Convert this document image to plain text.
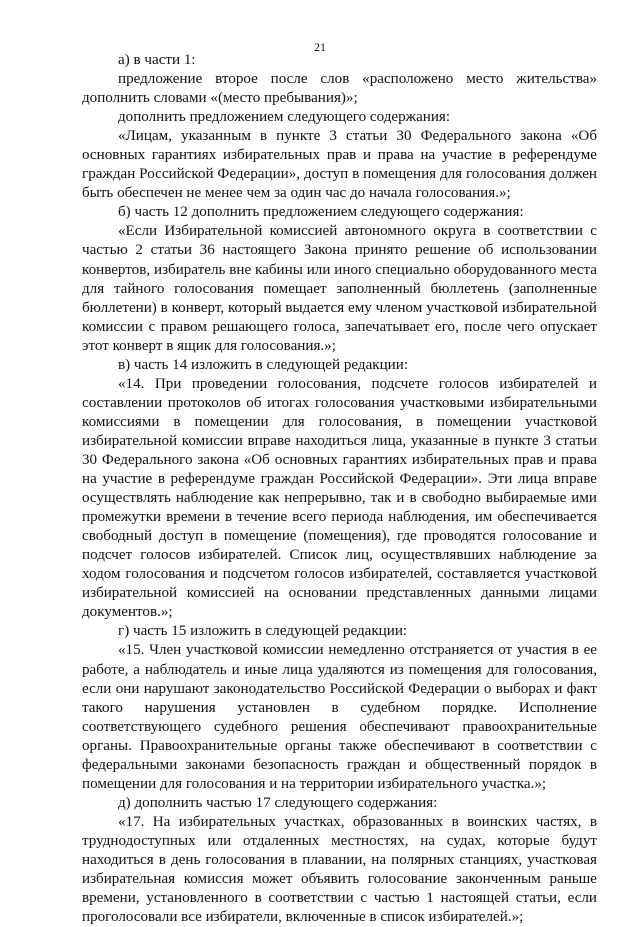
21

а) в части 1:

предложение второе после слов «расположено место жительства» дополнить словами «(место пребывания)»;

дополнить предложением следующего содержания:

«Лицам, указанным в пункте 3 статьи 30 Федерального закона «Об основных гарантиях избирательных прав и права на участие в референдуме граждан Российской Федерации», доступ в помещения для голосования должен быть обеспечен не менее чем за один час до начала голосования.»;

б) часть 12 дополнить предложением следующего содержания:

«Если Избирательной комиссией автономного округа в соответствии с частью 2 статьи 36 настоящего Закона принято решение об использовании конвертов, избиратель вне кабины или иного специально оборудованного места для тайного голосования помещает заполненный бюллетень (заполненные бюллетени) в конверт, который выдается ему членом участковой избирательной комиссии с правом решающего голоса, запечатывает его, после чего опускает этот конверт в ящик для голосования.»;

в) часть 14 изложить в следующей редакции:

«14. При проведении голосования, подсчете голосов избирателей и составлении протоколов об итогах голосования участковыми избирательными комиссиями в помещении для голосования, в помещении участковой избирательной комиссии вправе находиться лица, указанные в пункте 3 статьи 30 Федерального закона «Об основных гарантиях избирательных прав и права на участие в референдуме граждан Российской Федерации». Эти лица вправе осуществлять наблюдение как непрерывно, так и в свободно выбираемые ими промежутки времени в течение всего периода наблюдения, им обеспечивается свободный доступ в помещение (помещения), где проводятся голосование и подсчет голосов избирателей. Список лиц, осуществлявших наблюдение за ходом голосования и подсчетом голосов избирателей, составляется участковой избирательной комиссией на основании представленных данными лицами документов.»;

г) часть 15 изложить в следующей редакции:

«15. Член участковой комиссии немедленно отстраняется от участия в ее работе, а наблюдатель и иные лица удаляются из помещения для голосования, если они нарушают законодательство Российской Федерации о выборах и факт такого нарушения установлен в судебном порядке. Исполнение соответствующего судебного решения обеспечивают правоохранительные органы. Правоохранительные органы также обеспечивают в соответствии с федеральными законами безопасность граждан и общественный порядок в помещении для голосования и на территории избирательного участка.»;

д) дополнить частью 17 следующего содержания:

«17. На избирательных участках, образованных в воинских частях, в труднодоступных или отдаленных местностях, на судах, которые будут находиться в день голосования в плавании, на полярных станциях, участковая избирательная комиссия может объявить голосование законченным раньше времени, установленного в соответствии с частью 1 настоящей статьи, если проголосовали все избиратели, включенные в список избирателей.»;
